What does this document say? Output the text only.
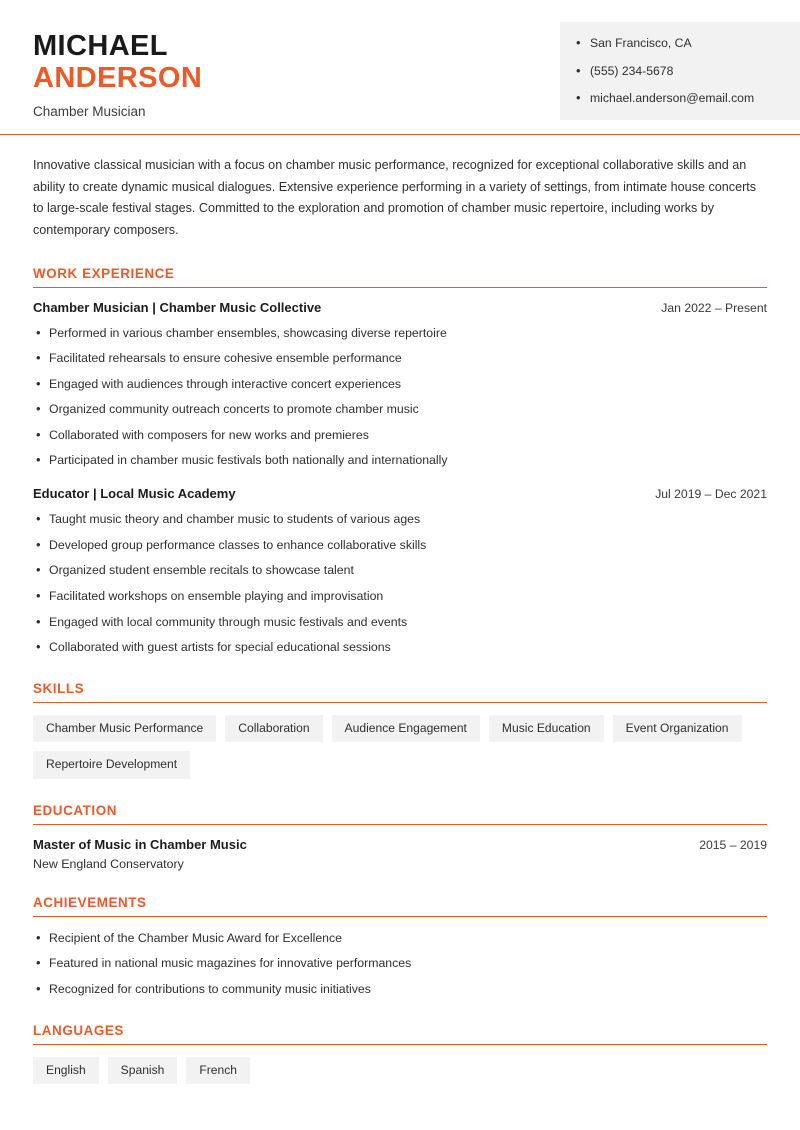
MICHAEL
ANDERSON
Chamber Musician
• San Francisco, CA
• (555) 234-5678
• michael.anderson@email.com

Innovative classical musician with a focus on chamber music performance, recognized for exceptional collaborative skills and an ability to create dynamic musical dialogues. Extensive experience performing in a variety of settings, from intimate house concerts to large-scale festival stages. Committed to the exploration and promotion of chamber music repertoire, including works by contemporary composers.

WORK EXPERIENCE
Chamber Musician | Chamber Music Collective	Jan 2022 – Present
• Performed in various chamber ensembles, showcasing diverse repertoire
• Facilitated rehearsals to ensure cohesive ensemble performance
• Engaged with audiences through interactive concert experiences
• Organized community outreach concerts to promote chamber music
• Collaborated with composers for new works and premieres
• Participated in chamber music festivals both nationally and internationally
Educator | Local Music Academy	Jul 2019 – Dec 2021
• Taught music theory and chamber music to students of various ages
• Developed group performance classes to enhance collaborative skills
• Organized student ensemble recitals to showcase talent
• Facilitated workshops on ensemble playing and improvisation
• Engaged with local community through music festivals and events
• Collaborated with guest artists for special educational sessions
SKILLS
Chamber Music Performance	Collaboration	Audience Engagement	Music Education	Event Organization
Repertoire Development
EDUCATION
Master of Music in Chamber Music	2015 – 2019
New England Conservatory
ACHIEVEMENTS
• Recipient of the Chamber Music Award for Excellence
• Featured in national music magazines for innovative performances
• Recognized for contributions to community music initiatives
LANGUAGES
English	Spanish	French
